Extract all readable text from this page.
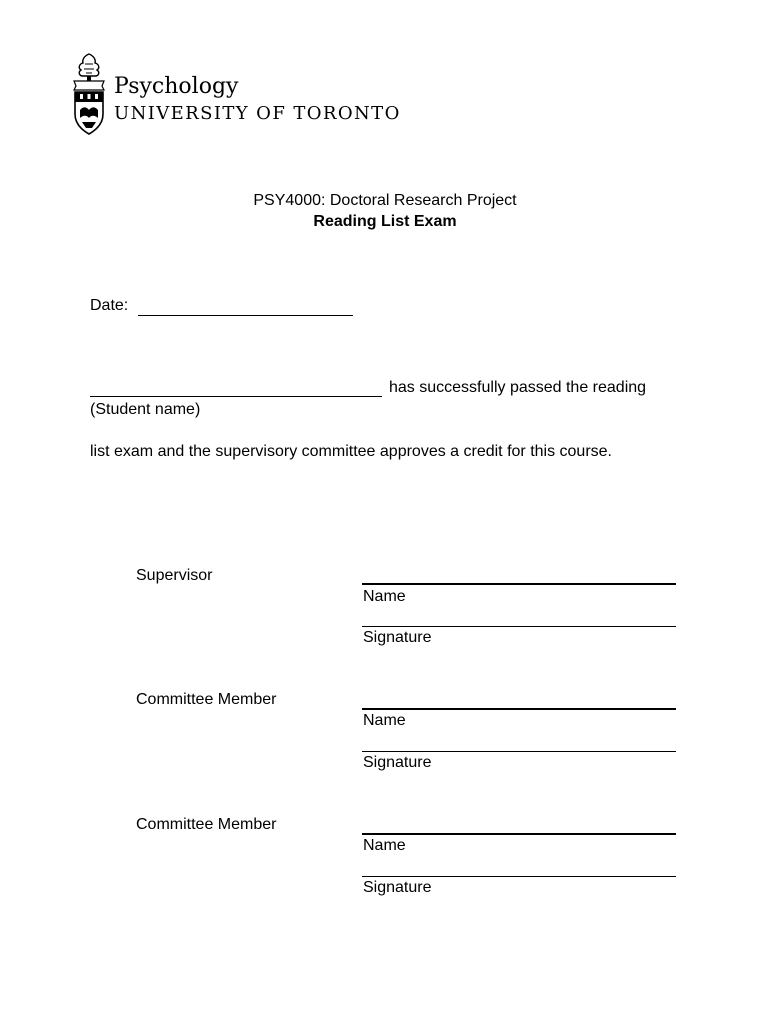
Psychology
UNIVERSITY OF TORONTO
PSY4000: Doctoral Research Project
Reading List Exam
Date:
has successfully passed the reading
(Student name)
list exam and the supervisory committee approves a credit for this course.
Supervisor
Name
Signature
Committee Member
Name
Signature
Committee Member
Name
Signature
